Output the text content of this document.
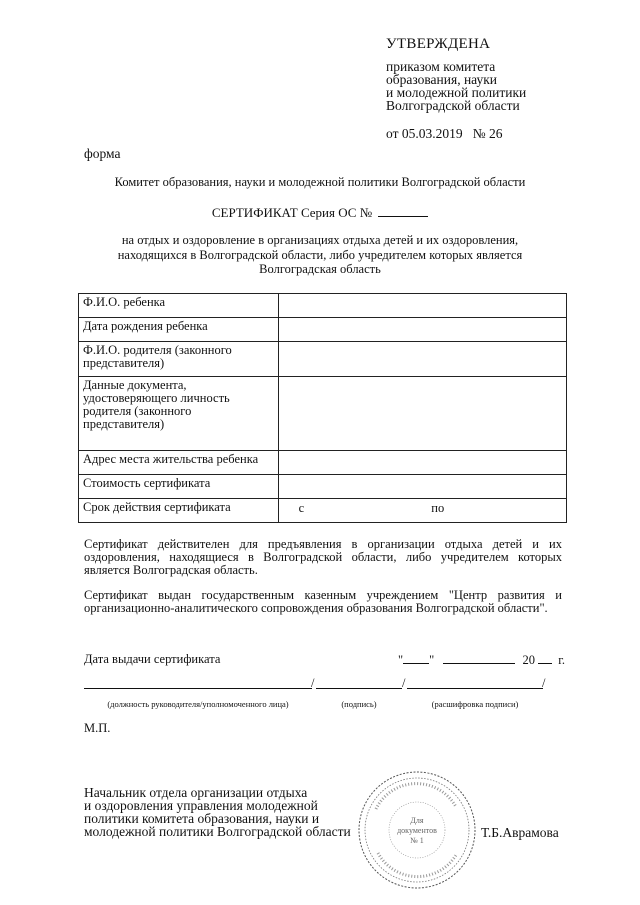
УТВЕРЖДЕНА
приказом комитета
образования, науки
и молодежной политики
Волгоградской области
от 05.03.2019   № 26
форма
Комитет образования, науки и молодежной политики Волгоградской области
СЕРТИФИКАТ Серия ОС №
на отдых и оздоровление в организациях отдыха детей и их оздоровления,
находящихся в Волгоградской области, либо учредителем которых является
Волгоградская область
Ф.И.О. ребенка	
Дата рождения ребенка	
Ф.И.О. родителя (законного представителя)	
Данные документа, удостоверяющего личность родителя (законного представителя)	
Адрес места жительства ребенка	
Стоимость сертификата	
Срок действия сертификата	с по
Сертификат действителен для предъявления в организации отдыха детей и их оздоровления, находящиеся в Волгоградской области, либо учредителем которых является Волгоградская область.
Сертификат выдан государственным казенным учреждением "Центр развития и организационно-аналитического сопровождения образования Волгоградской области".
Дата выдачи сертификата	" "	20 г.
/	/	/
(должность руководителя/уполномоченного лица)	(подпись)	(расшифровка подписи)
М.П.
Начальник отдела организации отдыха
и оздоровления управления молодежной
политики комитета образования, науки и
молодежной политики Волгоградской области
Для
документов
№ 1
Т.Б.Аврамова
